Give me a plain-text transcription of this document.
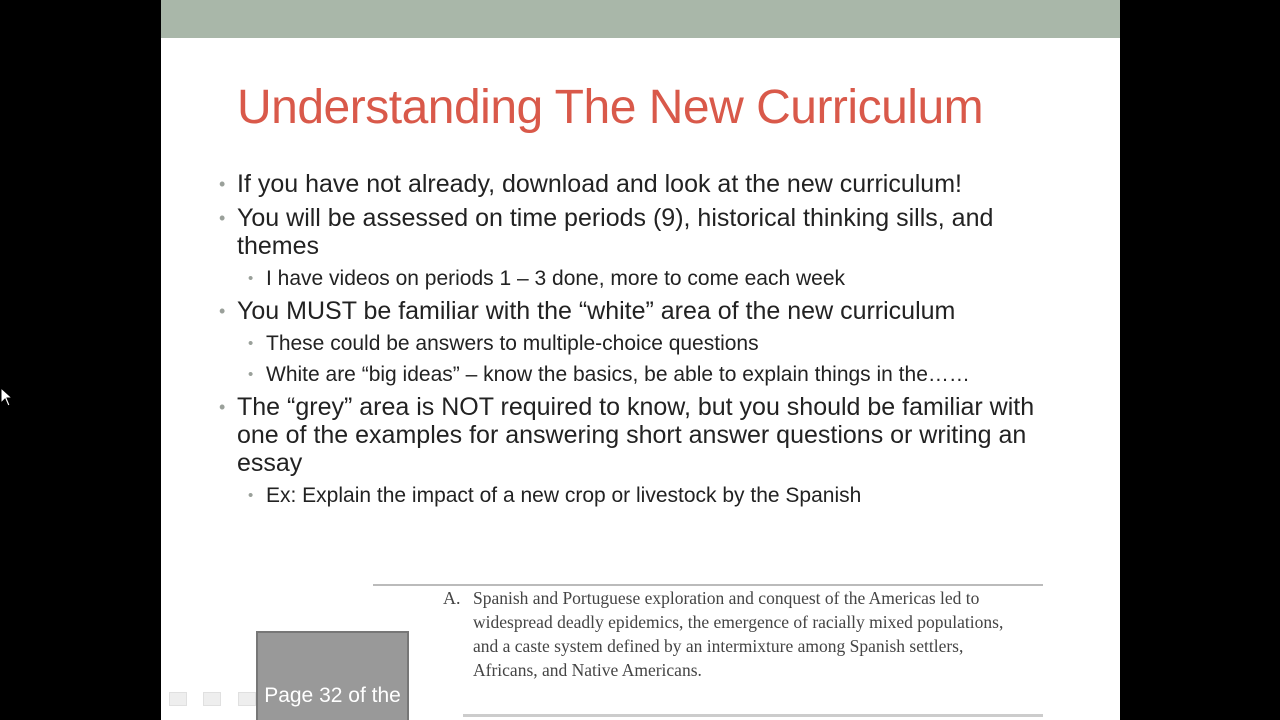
Understanding The New Curriculum
• If you have not already, download and look at the new curriculum!
• You will be assessed on time periods (9), historical thinking sills, and themes
• I have videos on periods 1 – 3 done, more to come each week
• You MUST be familiar with the “white” area of the new curriculum
• These could be answers to multiple-choice questions
• White are “big ideas” – know the basics, be able to explain things in the……
• The “grey” area is NOT required to know, but you should be familiar with one of the examples for answering short answer questions or writing an essay
• Ex: Explain the impact of a new crop or livestock by the Spanish
A. Spanish and Portuguese exploration and conquest of the Americas led to widespread deadly epidemics, the emergence of racially mixed populations, and a caste system defined by an intermixture among Spanish settlers, Africans, and Native Americans.
Page 32 of the
